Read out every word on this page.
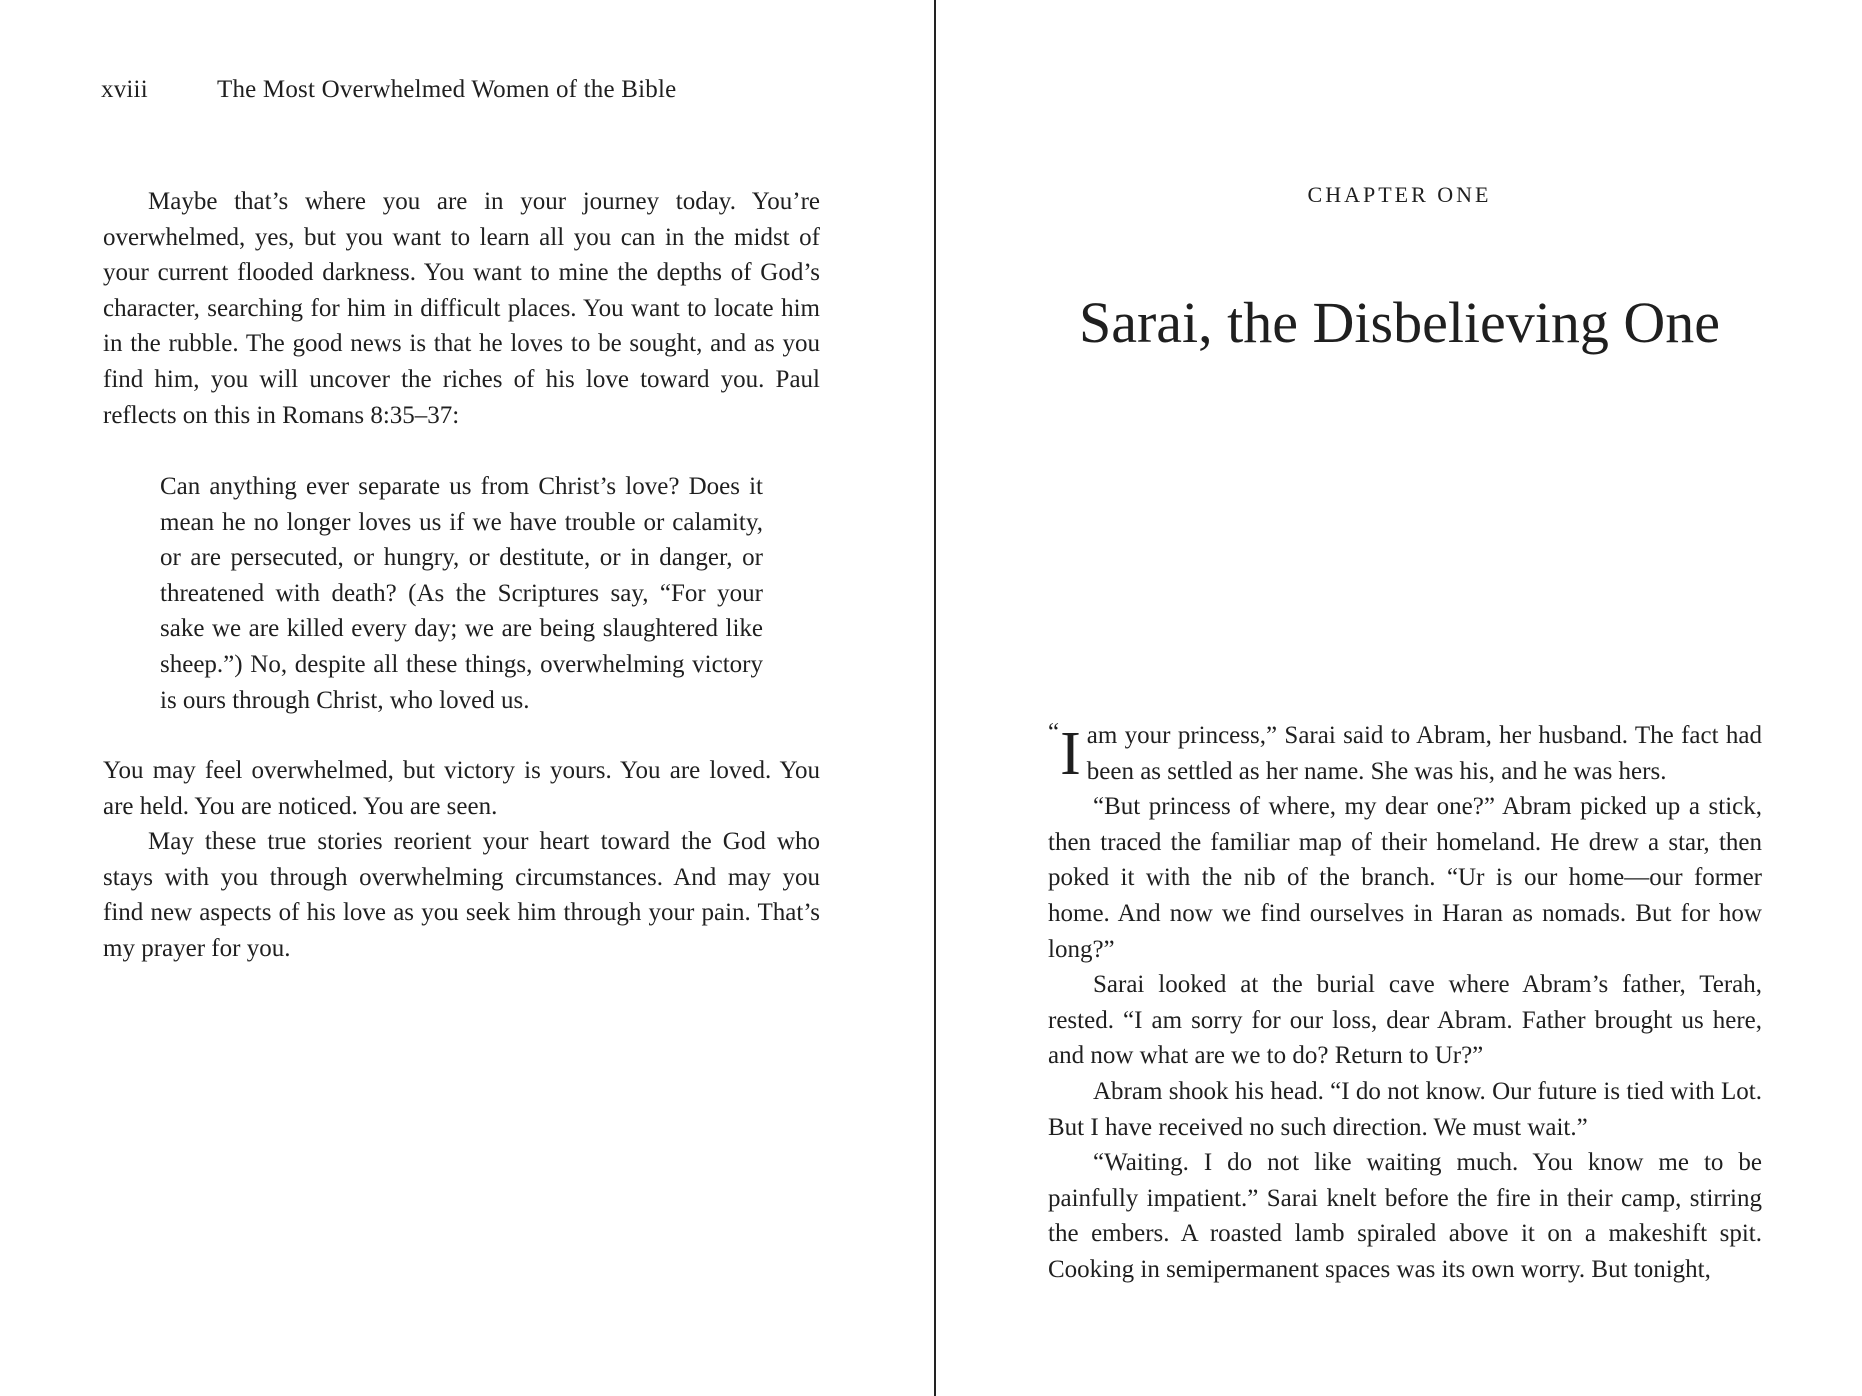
xviii	The Most Overwhelmed Women of the Bible

Maybe that’s where you are in your journey today. You’re overwhelmed, yes, but you want to learn all you can in the midst of your current flooded darkness. You want to mine the depths of God’s character, searching for him in difficult places. You want to locate him in the rubble. The good news is that he loves to be sought, and as you find him, you will uncover the riches of his love toward you. Paul reflects on this in Romans 8:35–37:

Can anything ever separate us from Christ’s love? Does it mean he no longer loves us if we have trouble or calamity, or are persecuted, or hungry, or destitute, or in danger, or threatened with death? (As the Scriptures say, “For your sake we are killed every day; we are being slaughtered like sheep.”) No, despite all these things, overwhelming victory is ours through Christ, who loved us.

You may feel overwhelmed, but victory is yours. You are loved. You are held. You are noticed. You are seen.

May these true stories reorient your heart toward the God who stays with you through overwhelming circumstances. And may you find new aspects of his love as you seek him through your pain. That’s my prayer for you.

CHAPTER ONE
Sarai, the Disbelieving One

“ I am your princess,” Sarai said to Abram, her husband. The fact had been as settled as her name. She was his, and he was hers.

“But princess of where, my dear one?” Abram picked up a stick, then traced the familiar map of their homeland. He drew a star, then poked it with the nib of the branch. “Ur is our home—our former home. And now we find ourselves in Haran as nomads. But for how long?”

Sarai looked at the burial cave where Abram’s father, Terah, rested. “I am sorry for our loss, dear Abram. Father brought us here, and now what are we to do? Return to Ur?”

Abram shook his head. “I do not know. Our future is tied with Lot. But I have received no such direction. We must wait.”

“Waiting. I do not like waiting much. You know me to be painfully impatient.” Sarai knelt before the fire in their camp, stirring the embers. A roasted lamb spiraled above it on a makeshift spit. Cooking in semipermanent spaces was its own worry. But tonight,
